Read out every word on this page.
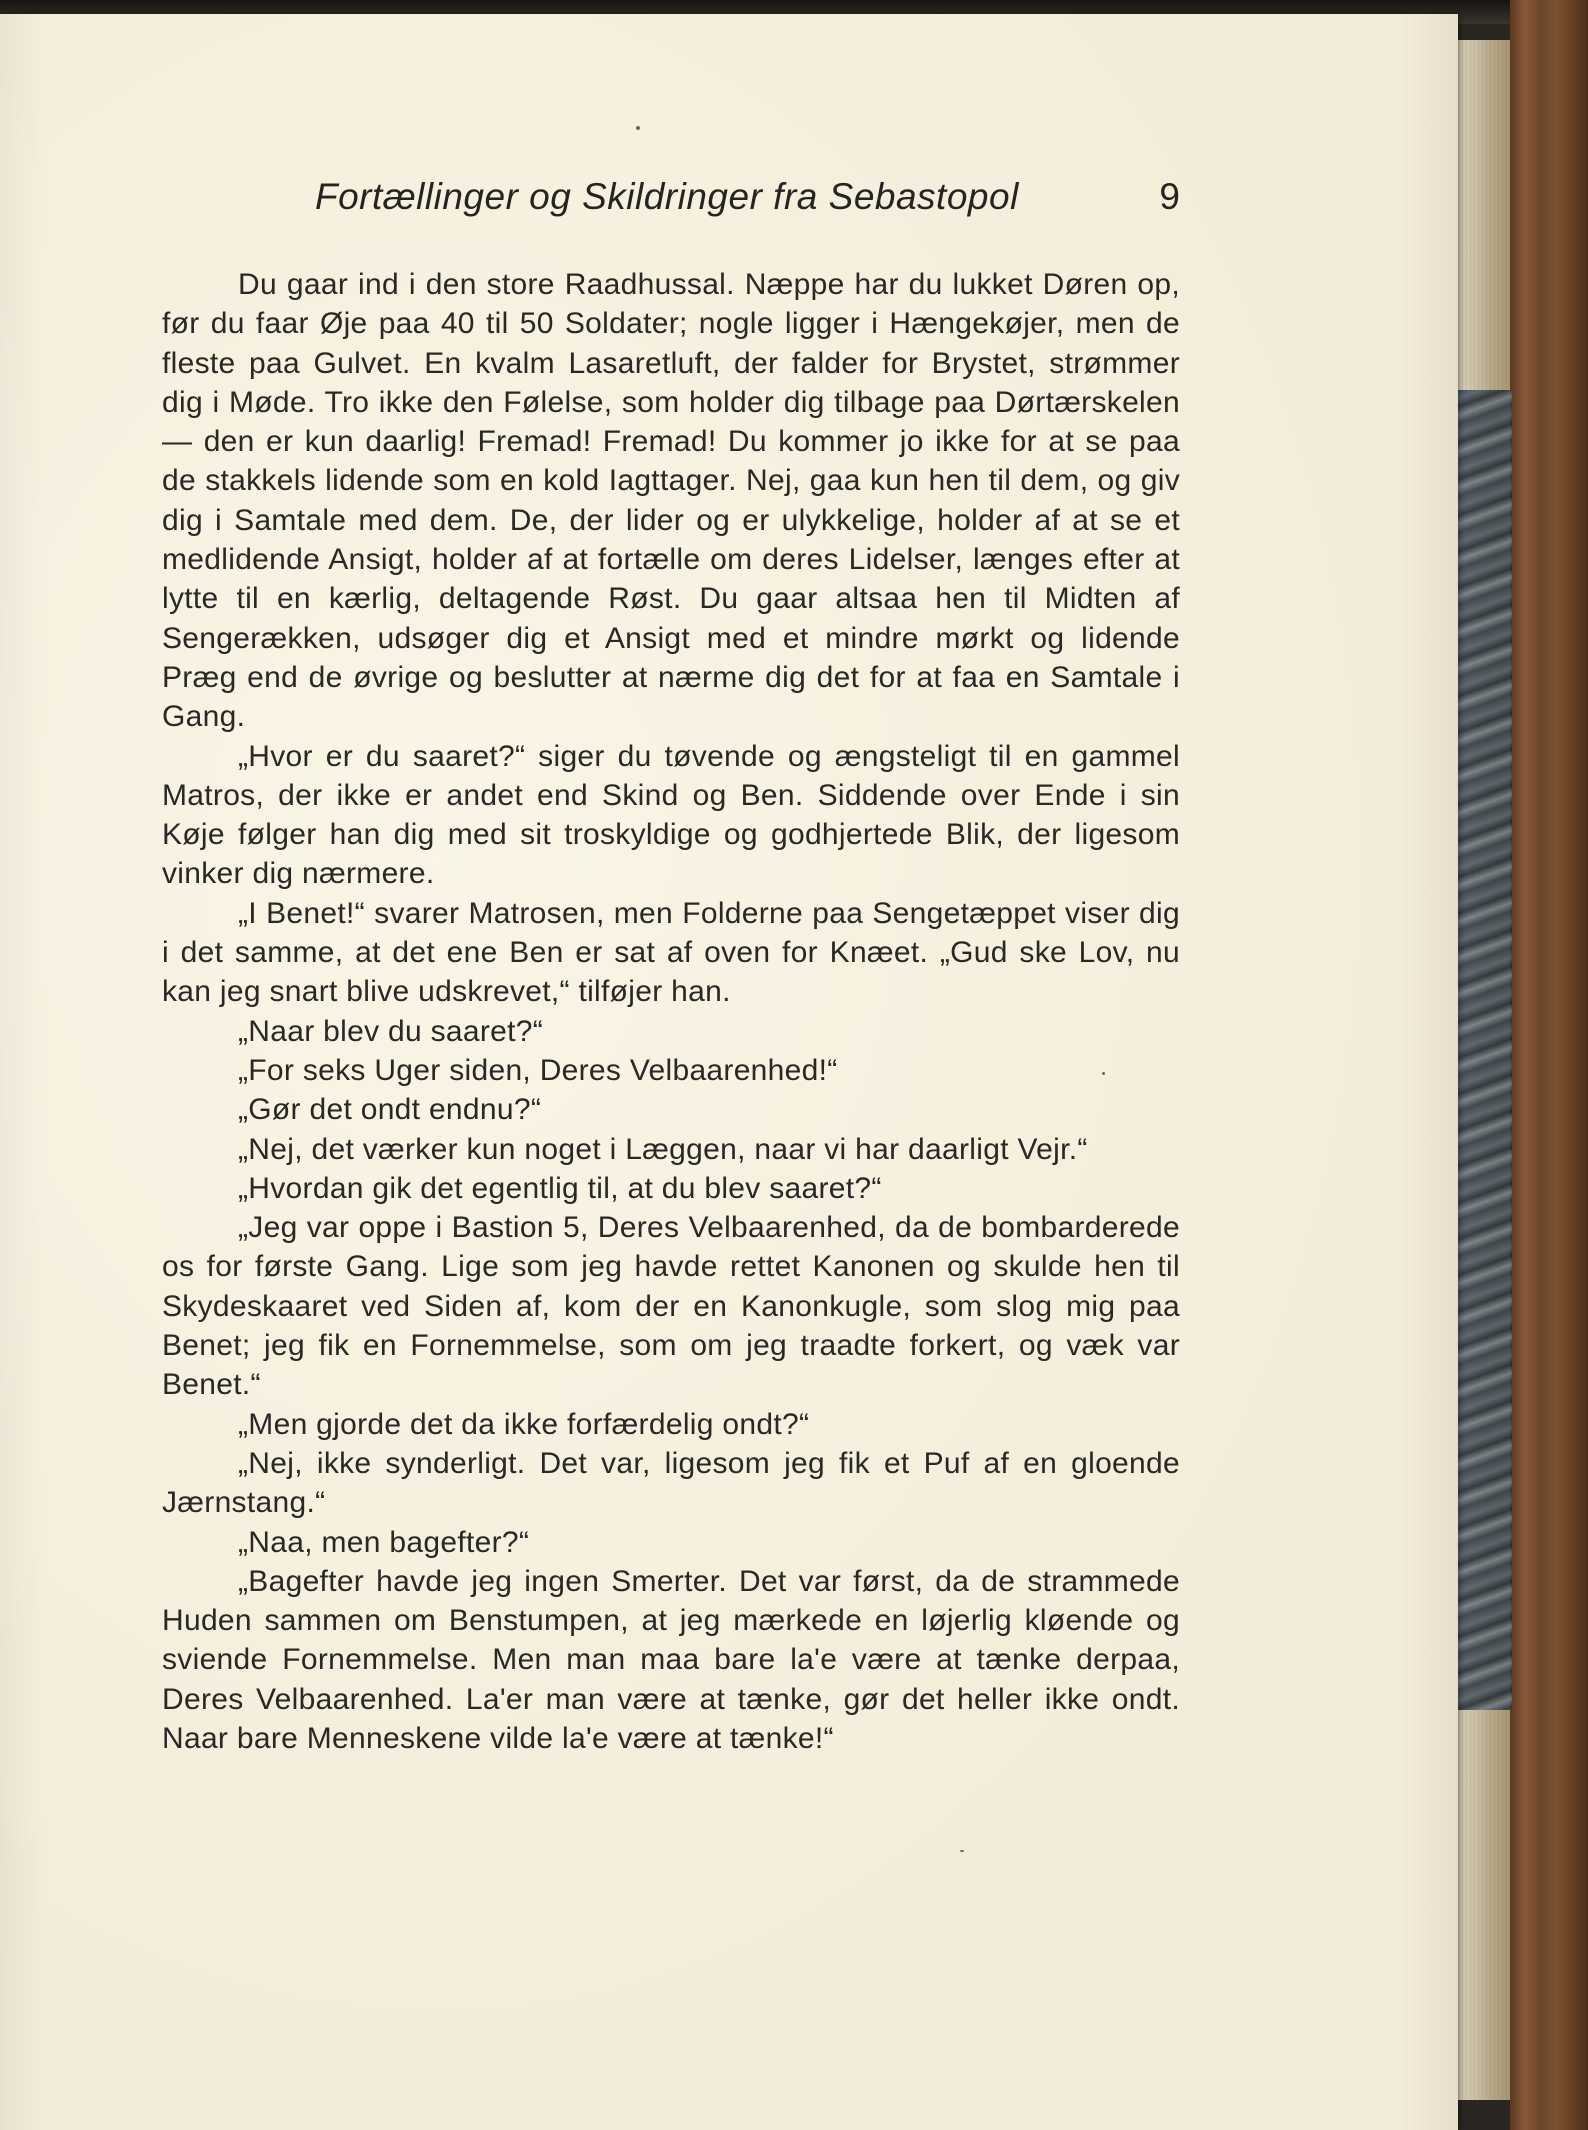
Fortællinger og Skildringer fra Sebastopol	9

Du gaar ind i den store Raadhussal. Næppe har du lukket Døren op, før du faar Øje paa 40 til 50 Soldater; nogle ligger i Hængekøjer, men de fleste paa Gulvet. En kvalm Lasaretluft, der falder for Brystet, strømmer dig i Møde. Tro ikke den Følelse, som holder dig tilbage paa Dørtærskelen — den er kun daarlig! Fremad! Fremad! Du kommer jo ikke for at se paa de stakkels lidende som en kold Iagttager. Nej, gaa kun hen til dem, og giv dig i Samtale med dem. De, der lider og er ulykkelige, holder af at se et medlidende Ansigt, holder af at fortælle om deres Lidelser, længes efter at lytte til en kærlig, deltagende Røst. Du gaar altsaa hen til Midten af Sengerækken, udsøger dig et Ansigt med et mindre mørkt og lidende Præg end de øvrige og beslutter at nærme dig det for at faa en Samtale i Gang.

„Hvor er du saaret?“ siger du tøvende og ængsteligt til en gammel Matros, der ikke er andet end Skind og Ben. Siddende over Ende i sin Køje følger han dig med sit troskyldige og godhjertede Blik, der ligesom vinker dig nærmere.

„I Benet!“ svarer Matrosen, men Folderne paa Sengetæppet viser dig i det samme, at det ene Ben er sat af oven for Knæet. „Gud ske Lov, nu kan jeg snart blive udskrevet,“ tilføjer han.

„Naar blev du saaret?“

„For seks Uger siden, Deres Velbaarenhed!“

„Gør det ondt endnu?“

„Nej, det værker kun noget i Læggen, naar vi har daarligt Vejr.“

„Hvordan gik det egentlig til, at du blev saaret?“

„Jeg var oppe i Bastion 5, Deres Velbaarenhed, da de bombarderede os for første Gang. Lige som jeg havde rettet Kanonen og skulde hen til Skydeskaaret ved Siden af, kom der en Kanonkugle, som slog mig paa Benet; jeg fik en Fornemmelse, som om jeg traadte forkert, og væk var Benet.“

„Men gjorde det da ikke forfærdelig ondt?“

„Nej, ikke synderligt. Det var, ligesom jeg fik et Puf af en gloende Jærnstang.“

„Naa, men bagefter?“

„Bagefter havde jeg ingen Smerter. Det var først, da de strammede Huden sammen om Benstumpen, at jeg mærkede en løjerlig kløende og sviende Fornemmelse. Men man maa bare la'e være at tænke derpaa, Deres Velbaarenhed. La'er man være at tænke, gør det heller ikke ondt. Naar bare Menneskene vilde la'e være at tænke!“
